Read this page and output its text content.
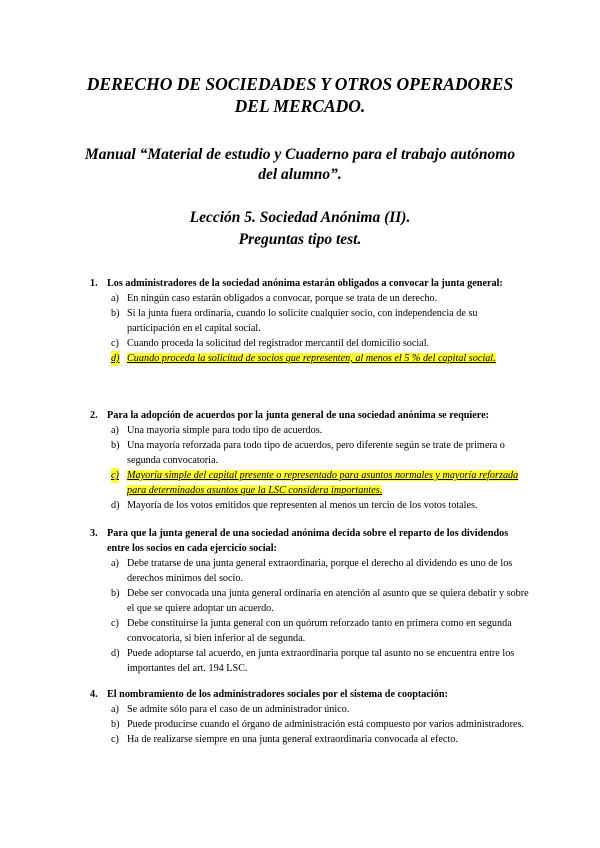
DERECHO DE SOCIEDADES Y OTROS OPERADORES
DEL MERCADO.
Manual “Material de estudio y Cuaderno para el trabajo autónomo
del alumno”.
Lección 5. Sociedad Anónima (II).
Preguntas tipo test.
1. Los administradores de la sociedad anónima estarán obligados a convocar la junta general:
a) En ningún caso estarán obligados a convocar, porque se trata de un derecho.
b) Si la junta fuera ordinaria, cuando lo solicite cualquier socio, con independencia de su participación en el capital social.
c) Cuando proceda la solicitud del registrador mercantil del domicilio social.
d) Cuando proceda la solicitud de socios que representen, al menos el 5 % del capital social.
2. Para la adopción de acuerdos por la junta general de una sociedad anónima se requiere:
a) Una mayoría simple para todo tipo de acuerdos.
b) Una mayoría reforzada para todo tipo de acuerdos, pero diferente según se trate de primera o segunda convocatoria.
c) Mayoría simple del capital presente o representado para asuntos normales y mayoría reforzada para determinados asuntos que la LSC considera importantes.
d) Mayoría de los votos emitidos que representen al menos un tercio de los votos totales.
3. Para que la junta general de una sociedad anónima decida sobre el reparto de los dividendos entre los socios en cada ejercicio social:
a) Debe tratarse de una junta general extraordinaria, porque el derecho al dividendo es uno de los derechos mínimos del socio.
b) Debe ser convocada una junta general ordinaria en atención al asunto que se quiera debatir y sobre el que se quiere adoptar un acuerdo.
c) Debe constituirse la junta general con un quórum reforzado tanto en primera como en segunda convocatoria, si bien inferior al de segunda.
d) Puede adoptarse tal acuerdo, en junta extraordinaria porque tal asunto no se encuentra entre los importantes del art. 194 LSC.
4. El nombramiento de los administradores sociales por el sistema de cooptación:
a) Se admite sólo para el caso de un administrador único.
b) Puede producirse cuando el órgano de administración está compuesto por varios administradores.
c) Ha de realizarse siempre en una junta general extraordinaria convocada al efecto.
